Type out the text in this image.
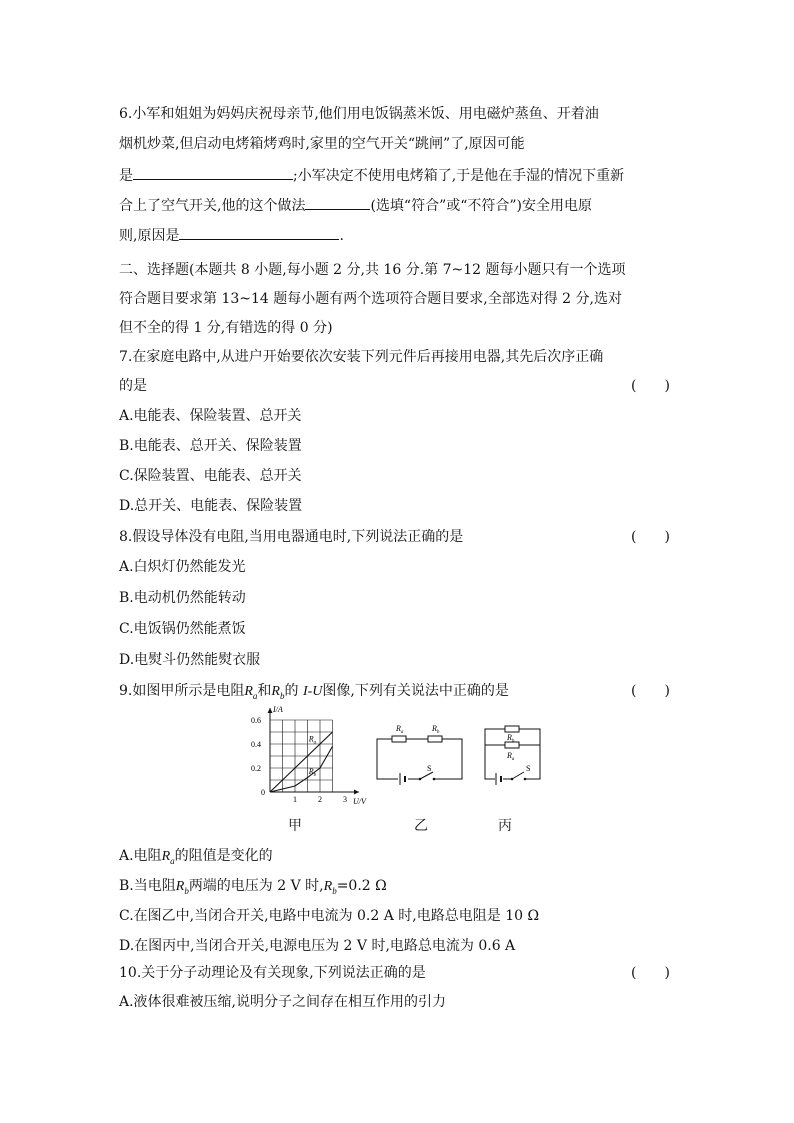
6.小军和姐姐为妈妈庆祝母亲节,他们用电饭锅蒸米饭、用电磁炉蒸鱼、开着油
烟机炒菜,但启动电烤箱烤鸡时,家里的空气开关“跳闸”了,原因可能
是	;小军决定不使用电烤箱了,于是他在手湿的情况下重新
合上了空气开关,他的这个做法	(选填“符合”或“不符合”)安全用电原
则,原因是	.
二、选择题(本题共 8 小题,每小题 2 分,共 16 分.第 7~12 题每小题只有一个选项
符合题目要求第 13~14 题每小题有两个选项符合题目要求,全部选对得 2 分,选对
但不全的得 1 分,有错选的得 0 分)
7.在家庭电路中,从进户开始要依次安装下列元件后再接用电器,其先后次序正确
的是	(　　)
A.电能表、保险装置、总开关
B.电能表、总开关、保险装置
C.保险装置、电能表、总开关
D.总开关、电能表、保险装置
8.假设导体没有电阻,当用电器通电时,下列说法正确的是	(　　)
A.白炽灯仍然能发光
B.电动机仍然能转动
C.电饭锅仍然能煮饭
D.电熨斗仍然能熨衣服
9.如图甲所示是电阻$R_a$和$R_b$的 I-U图像,下列有关说法中正确的是	(　　)
$R_a$
$R_b$
0
1	2	3
0.2
0.4
0.6
I/A
U/V
$R_a$	$R_b$
S
$R_b$
$R_a$
S
甲	乙	丙
A.电阻$R_a$的阻值是变化的
B.当电阻$R_b$两端的电压为 2 V 时$,R_b=0.2$ Ω
C.在图乙中,当闭合开关,电路中电流为 0.2 A 时,电路总电阻是 10 Ω
D.在图丙中,当闭合开关,电源电压为 2 V 时,电路总电流为 0.6 A
10.关于分子动理论及有关现象,下列说法正确的是	(　　)
A.液体很难被压缩,说明分子之间存在相互作用的引力
